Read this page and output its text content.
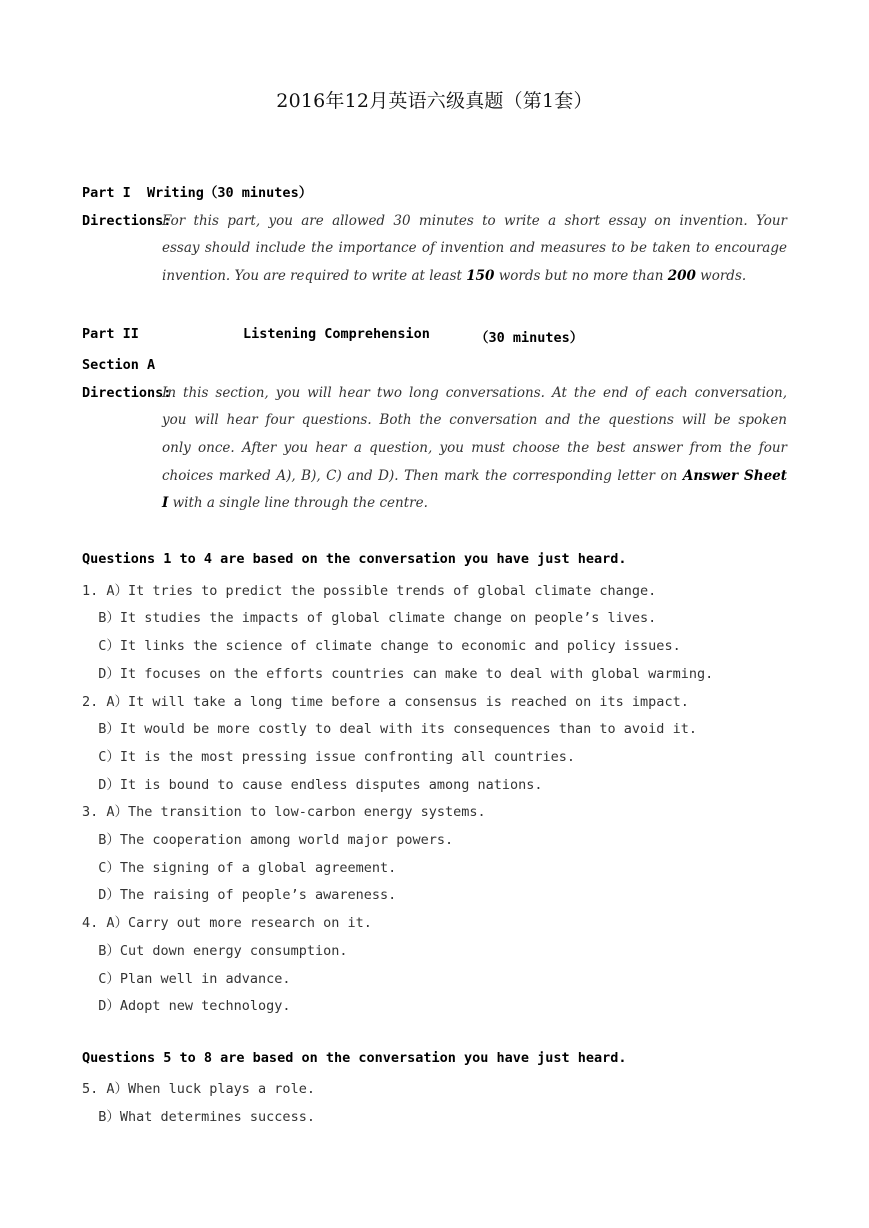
2016年12月英语六级真题（第1套）
Part I  Writing（30 minutes）
Directions:
For this part, you are allowed 30 minutes to write a short essay on invention. Your
essay should include the importance of invention and measures to be taken to encourage
invention. You are required to write at least 150 words but no more than 200 words.
Part II	Listening Comprehension	（30 minutes）
Section A
Directions:
In this section, you will hear two long conversations. At the end of each conversation,
you will hear four questions. Both the conversation and the questions will be spoken
only once. After you hear a question, you must choose the best answer from the four
choices marked A), B), C) and D). Then mark the corresponding letter on Answer Sheet
I with a single line through the centre.
Questions 1 to 4 are based on the conversation you have just heard.
1. A）It tries to predict the possible trends of global climate change.
B）It studies the impacts of global climate change on people’s lives.
C）It links the science of climate change to economic and policy issues.
D）It focuses on the efforts countries can make to deal with global warming.
2. A）It will take a long time before a consensus is reached on its impact.
B）It would be more costly to deal with its consequences than to avoid it.
C）It is the most pressing issue confronting all countries.
D）It is bound to cause endless disputes among nations.
3. A）The transition to low-carbon energy systems.
B）The cooperation among world major powers.
C）The signing of a global agreement.
D）The raising of people’s awareness.
4. A）Carry out more research on it.
B）Cut down energy consumption.
C）Plan well in advance.
D）Adopt new technology.
Questions 5 to 8 are based on the conversation you have just heard.
5. A）When luck plays a role.
B）What determines success.
